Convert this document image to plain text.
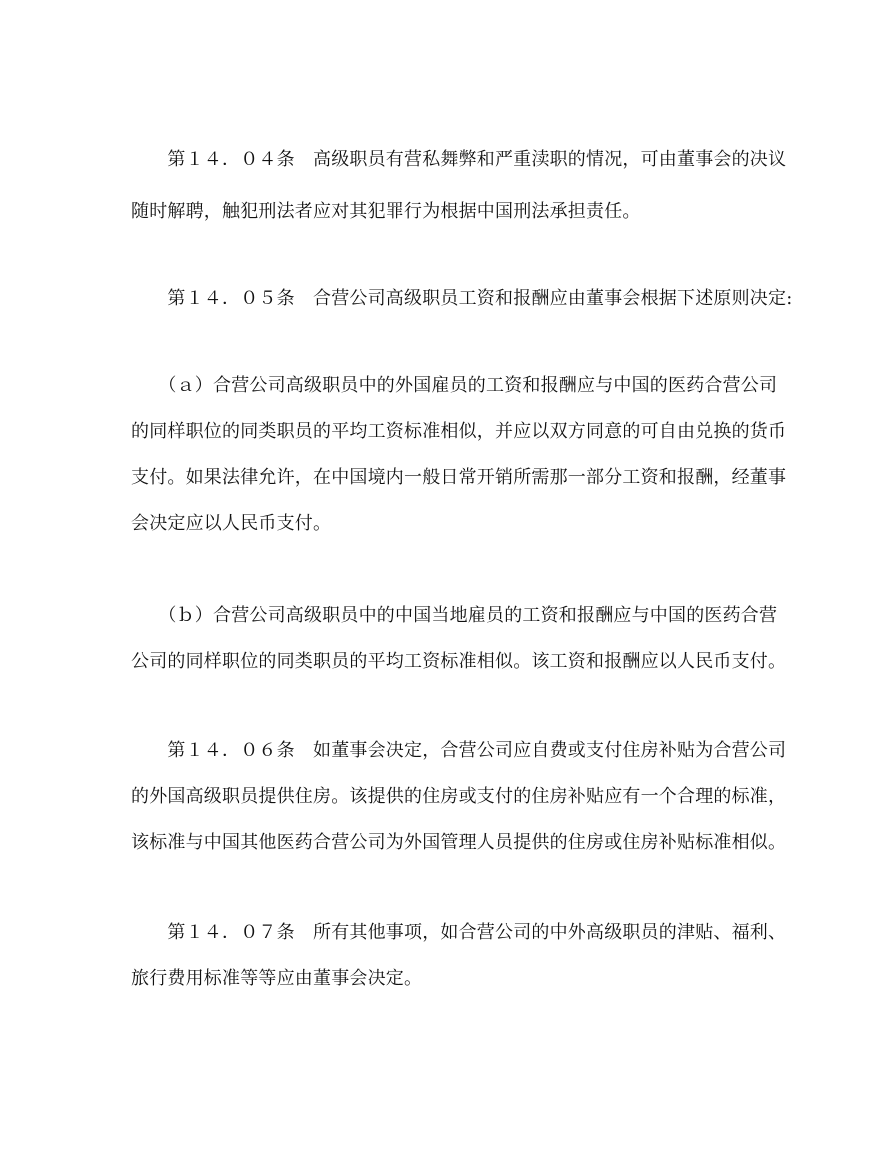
　　第１４．０４条　高级职员有营私舞弊和严重渎职的情况，可由董事会的决议
随时解聘，触犯刑法者应对其犯罪行为根据中国刑法承担责任。
　　第１４．０５条　合营公司高级职员工资和报酬应由董事会根据下述原则决定:
　　（ａ）合营公司高级职员中的外国雇员的工资和报酬应与中国的医药合营公司
的同样职位的同类职员的平均工资标准相似，并应以双方同意的可自由兑换的货币
支付。如果法律允许，在中国境内一般日常开销所需那一部分工资和报酬，经董事
会决定应以人民币支付。
　　（ｂ）合营公司高级职员中的中国当地雇员的工资和报酬应与中国的医药合营
公司的同样职位的同类职员的平均工资标准相似。该工资和报酬应以人民币支付。
　　第１４．０６条　如董事会决定，合营公司应自费或支付住房补贴为合营公司
的外国高级职员提供住房。该提供的住房或支付的住房补贴应有一个合理的标准，
该标准与中国其他医药合营公司为外国管理人员提供的住房或住房补贴标准相似。
　　第１４．０７条　所有其他事项，如合营公司的中外高级职员的津贴、福利、
旅行费用标准等等应由董事会决定。
